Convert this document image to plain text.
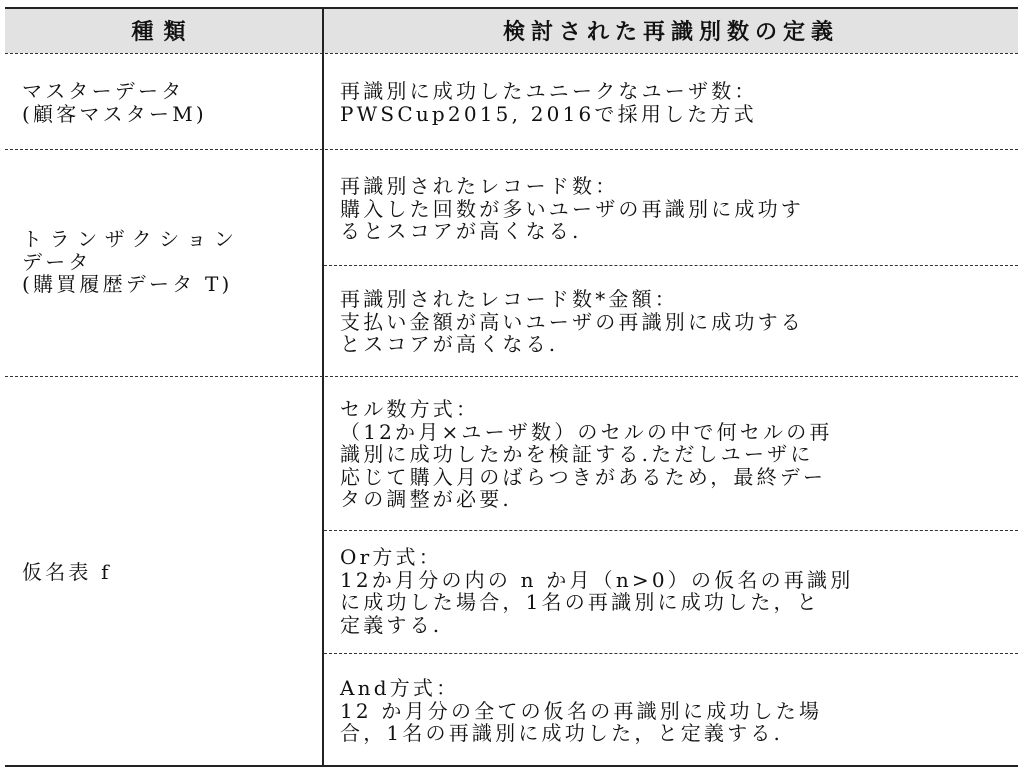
種類	検討された再識別数の定義
マスターデータ
(顧客マスターM)
再識別に成功したユニークなユーザ数：
PWSCup2015, 2016で採用した方式
トランザクション
データ
(購買履歴データ T)
再識別されたレコード数：
購入した回数が多いユーザの再識別に成功す
るとスコアが高くなる.
再識別されたレコード数*金額：
支払い金額が高いユーザの再識別に成功する
とスコアが高くなる.
仮名表 f
セル数方式：
（12か月×ユーザ数）のセルの中で何セルの再
識別に成功したかを検証する.ただしユーザに
応じて購入月のばらつきがあるため，最終デー
タの調整が必要.
Or方式：
12か月分の内の n か月（n>0）の仮名の再識別
に成功した場合，1名の再識別に成功した，と
定義する.
And方式：
12 か月分の全ての仮名の再識別に成功した場
合，1名の再識別に成功した，と定義する.
